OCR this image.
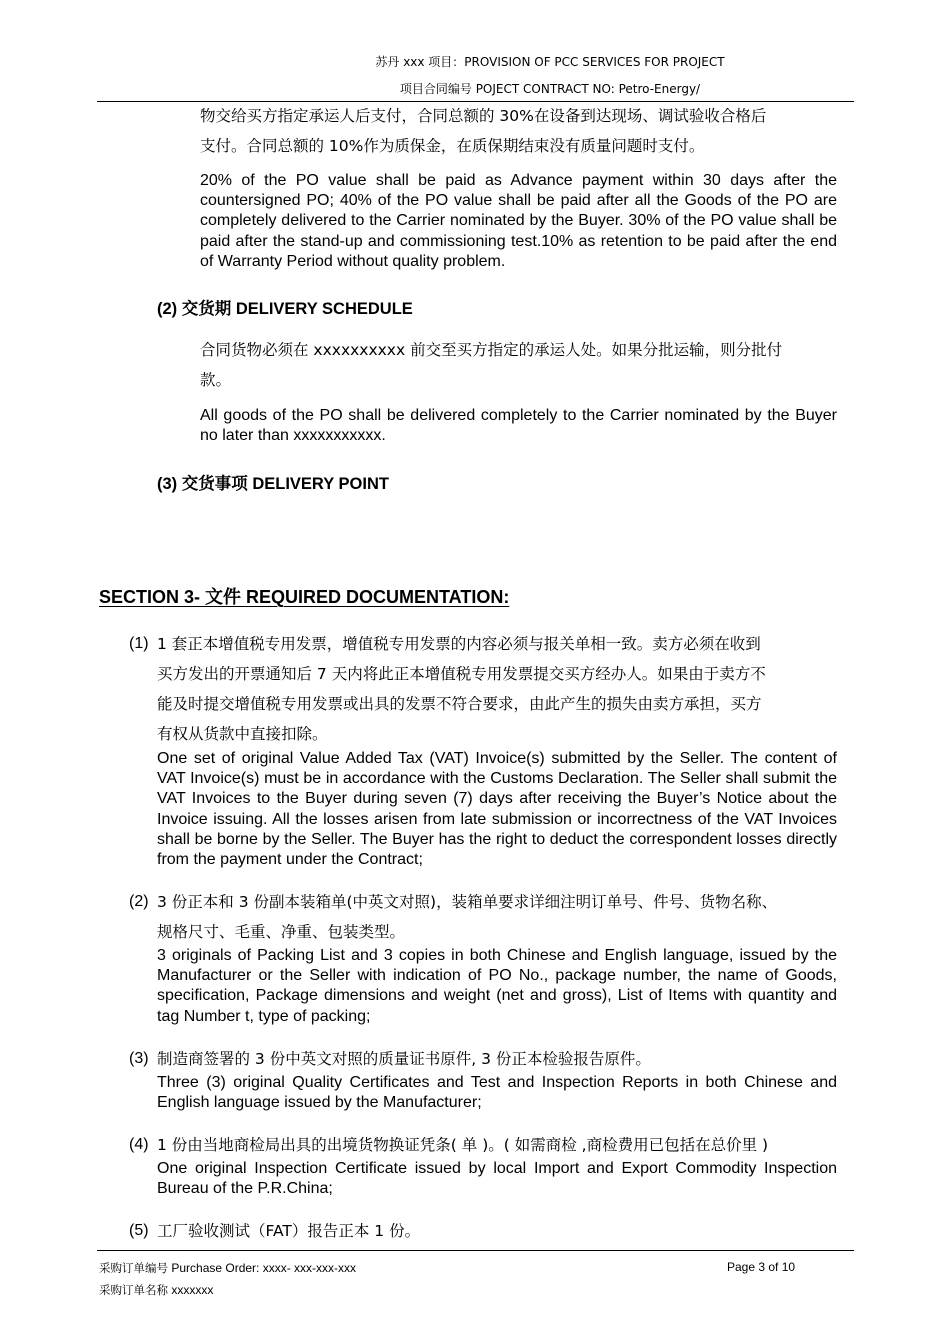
苏丹 xxx 项目：PROVISION OF PCC SERVICES FOR PROJECT
项目合同编号 POJECT CONTRACT NO: Petro-Energy/

物交给买方指定承运人后支付，合同总额的 30%在设备到达现场、调试验收合格后

支付。合同总额的 10%作为质保金，在质保期结束没有质量问题时支付。

20% of the PO value shall be paid as Advance payment within 30 days after the countersigned PO; 40% of the PO value shall be paid after all the Goods of the PO are completely delivered to the Carrier nominated by the Buyer. 30% of the PO value shall be paid after the stand-up and commissioning test.10% as retention to be paid after the end of Warranty Period without quality problem.

(2) 交货期 DELIVERY SCHEDULE

合同货物必须在 xxxxxxxxxx 前交至买方指定的承运人处。如果分批运输，则分批付

款。

All goods of the PO shall be delivered completely to the Carrier nominated by the Buyer no later than xxxxxxxxxxx.

(3) 交货事项 DELIVERY POINT
SECTION 3- 文件 REQUIRED DOCUMENTATION:
(1) 1 套正本增值税专用发票，增值税专用发票的内容必须与报关单相一致。卖方必须在收到

买方发出的开票通知后 7 天内将此正本增值税专用发票提交买方经办人。如果由于卖方不

能及时提交增值税专用发票或出具的发票不符合要求，由此产生的损失由卖方承担，买方

有权从货款中直接扣除。

One set of original Value Added Tax (VAT) Invoice(s) submitted by the Seller. The content of VAT Invoice(s) must be in accordance with the Customs Declaration. The Seller shall submit the VAT Invoices to the Buyer during seven (7) days after receiving the Buyer’s Notice about the Invoice issuing. All the losses arisen from late submission or incorrectness of the VAT Invoices shall be borne by the Seller. The Buyer has the right to deduct the correspondent losses directly from the payment under the Contract;

(2) 3 份正本和 3 份副本装箱单(中英文对照)，装箱单要求详细注明订单号、件号、货物名称、

规格尺寸、毛重、净重、包装类型。

3 originals of Packing List and 3 copies in both Chinese and English language, issued by the Manufacturer or the Seller with indication of PO No., package number, the name of Goods, specification, Package dimensions and weight (net and gross), List of Items with quantity and tag Number t, type of packing;

(3) 制造商签署的 3 份中英文对照的质量证书原件, 3 份正本检验报告原件。

Three (3) original Quality Certificates and Test and Inspection Reports in both Chinese and English language issued by the Manufacturer;

(4) 1 份由当地商检局出具的出境货物换证凭条( 单 )。( 如需商检 ,商检费用已包括在总价里 )

One original Inspection Certificate issued by local Import and Export Commodity Inspection Bureau of the P.R.China;

(5) 工厂验收测试（FAT）报告正本 1 份。

采购订单编号 Purchase Order: xxxx- xxx-xxx-xxx	Page 3 of 10
采购订单名称 xxxxxxx
